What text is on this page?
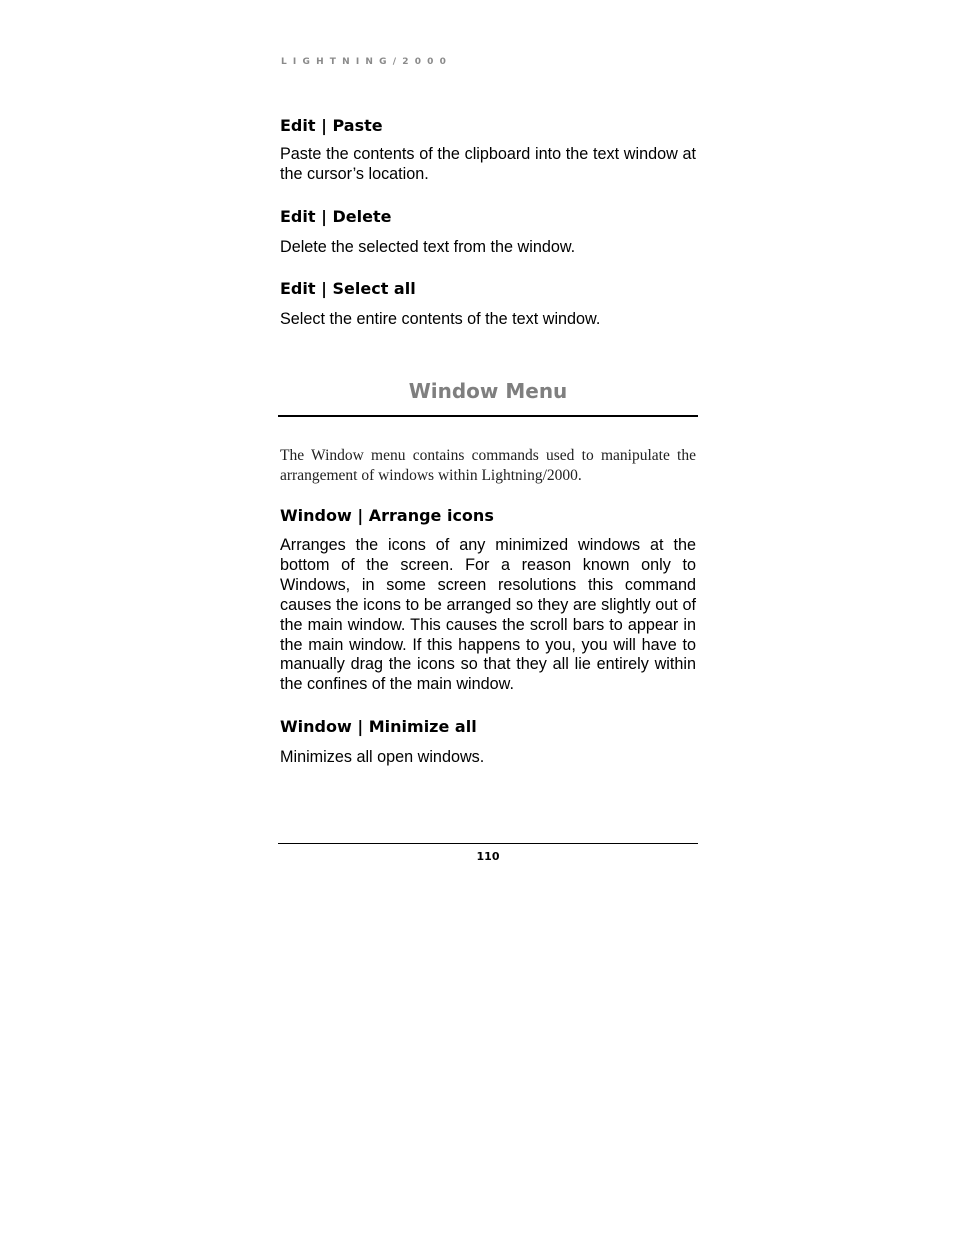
LIGHTNING/2000
Edit | Paste

Paste the contents of the clipboard into the text window at the cursor’s location.

Edit | Delete

Delete the selected text from the window.

Edit | Select all

Select the entire contents of the text window.

Window Menu

The Window menu contains commands used to manipulate the arrangement of windows within Lightning/2000.

Window | Arrange icons

Arranges the icons of any minimized windows at the bottom of the screen. For a reason known only to Windows, in some screen resolutions this command causes the icons to be arranged so they are slightly out of the main window. This causes the scroll bars to appear in the main window. If this happens to you, you will have to manually drag the icons so that they all lie entirely within the confines of the main window.

Window | Minimize all

Minimizes all open windows.

110
